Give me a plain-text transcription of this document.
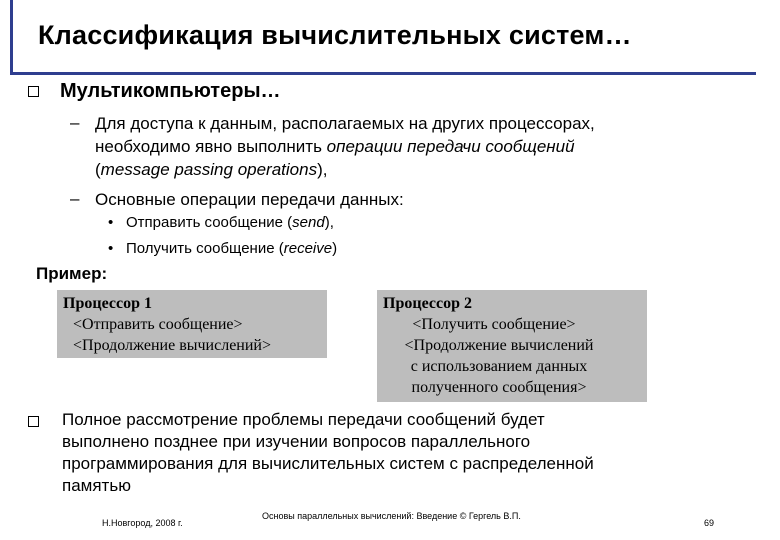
Классификация вычислительных систем…
Мультикомпьютеры…
– Для доступа к данным, располагаемых на других процессорах,
необходимо явно выполнить операции передачи сообщений
(message passing operations),
– Основные операции передачи данных:
• Отправить сообщение (send),
• Получить сообщение (receive)
Пример:
Процессор 1
<Отправить сообщение>
<Продолжение вычислений>
Процессор 2
<Получить сообщение>
<Продолжение вычислений
с использованием данных
полученного сообщения>
Полное рассмотрение проблемы передачи сообщений будет
выполнено позднее при изучении вопросов параллельного
программирования для вычислительных систем с распределенной
памятью
Н.Новгород, 2008 г.
Основы параллельных вычислений: Введение © Гергель В.П.
69
